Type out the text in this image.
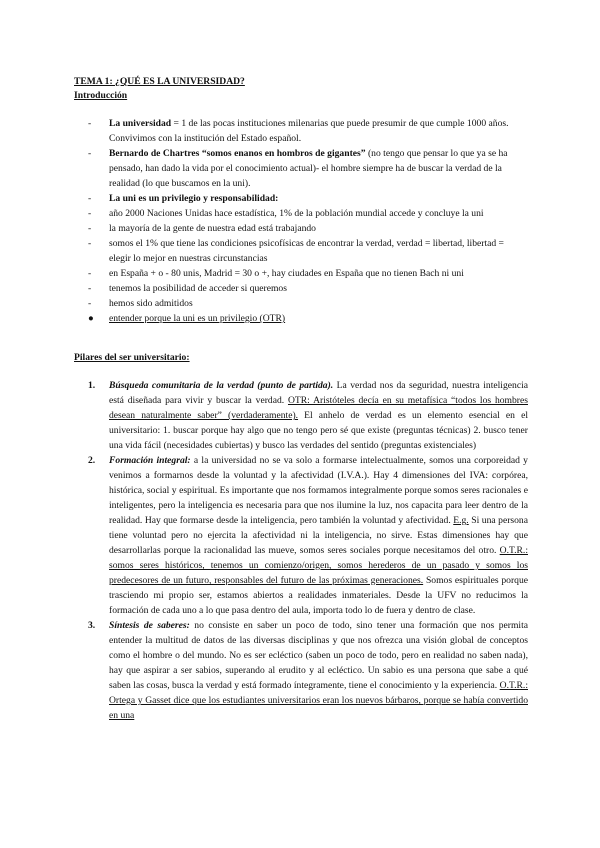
TEMA 1: ¿QUÉ ES LA UNIVERSIDAD?
Introducción
-	La universidad = 1 de las pocas instituciones milenarias que puede presumir de que cumple 1000 años. Convivimos con la institución del Estado español.
-	Bernardo de Chartres “somos enanos en hombros de gigantes” (no tengo que pensar lo que ya se ha pensado, han dado la vida por el conocimiento actual)- el hombre siempre ha de buscar la verdad de la realidad (lo que buscamos en la uni).
-	La uni es un privilegio y responsabilidad:
-	año 2000 Naciones Unidas hace estadística, 1% de la población mundial accede y concluye la uni
-	la mayoría de la gente de nuestra edad está trabajando
-	somos el 1% que tiene las condiciones psicofísicas de encontrar la verdad, verdad = libertad, libertad = elegir lo mejor en nuestras circunstancias
-	en España + o - 80 unis, Madrid = 30 o +, hay ciudades en España que no tienen Bach ni uni
-	tenemos la posibilidad de acceder si queremos
-	hemos sido admitidos
●	entender porque la uni es un privilegio (OTR)
Pilares del ser universitario:
1. Búsqueda comunitaria de la verdad (punto de partida). La verdad nos da seguridad, nuestra inteligencia está diseñada para vivir y buscar la verdad. OTR: Aristóteles decía en su metafísica “todos los hombres desean naturalmente saber” (verdaderamente). El anhelo de verdad es un elemento esencial en el universitario: 1. buscar porque hay algo que no tengo pero sé que existe (preguntas técnicas) 2. busco tener una vida fácil (necesidades cubiertas) y busco las verdades del sentido (preguntas existenciales)
2. Formación integral: a la universidad no se va solo a formarse intelectualmente, somos una corporeidad y venimos a formarnos desde la voluntad y la afectividad (I.V.A.). Hay 4 dimensiones del IVA: corpórea, histórica, social y espiritual. Es importante que nos formamos integralmente porque somos seres racionales e inteligentes, pero la inteligencia es necesaria para que nos ilumine la luz, nos capacita para leer dentro de la realidad. Hay que formarse desde la inteligencia, pero también la voluntad y afectividad. E.g. Si una persona tiene voluntad pero no ejercita la afectividad ni la inteligencia, no sirve. Estas dimensiones hay que desarrollarlas porque la racionalidad las mueve, somos seres sociales porque necesitamos del otro. O.T.R.: somos seres históricos, tenemos un comienzo/origen, somos herederos de un pasado y somos los predecesores de un futuro, responsables del futuro de las próximas generaciones. Somos espirituales porque trasciendo mi propio ser, estamos abiertos a realidades inmateriales. Desde la UFV no reducimos la formación de cada uno a lo que pasa dentro del aula, importa todo lo de fuera y dentro de clase.
3. Síntesis de saberes: no consiste en saber un poco de todo, sino tener una formación que nos permita entender la multitud de datos de las diversas disciplinas y que nos ofrezca una visión global de conceptos como el hombre o del mundo. No es ser ecléctico (saben un poco de todo, pero en realidad no saben nada), hay que aspirar a ser sabios, superando al erudito y al ecléctico. Un sabio es una persona que sabe a qué saben las cosas, busca la verdad y está formado íntegramente, tiene el conocimiento y la experiencia. O.T.R.: Ortega y Gasset dice que los estudiantes universitarios eran los nuevos bárbaros, porque se había convertido en una
